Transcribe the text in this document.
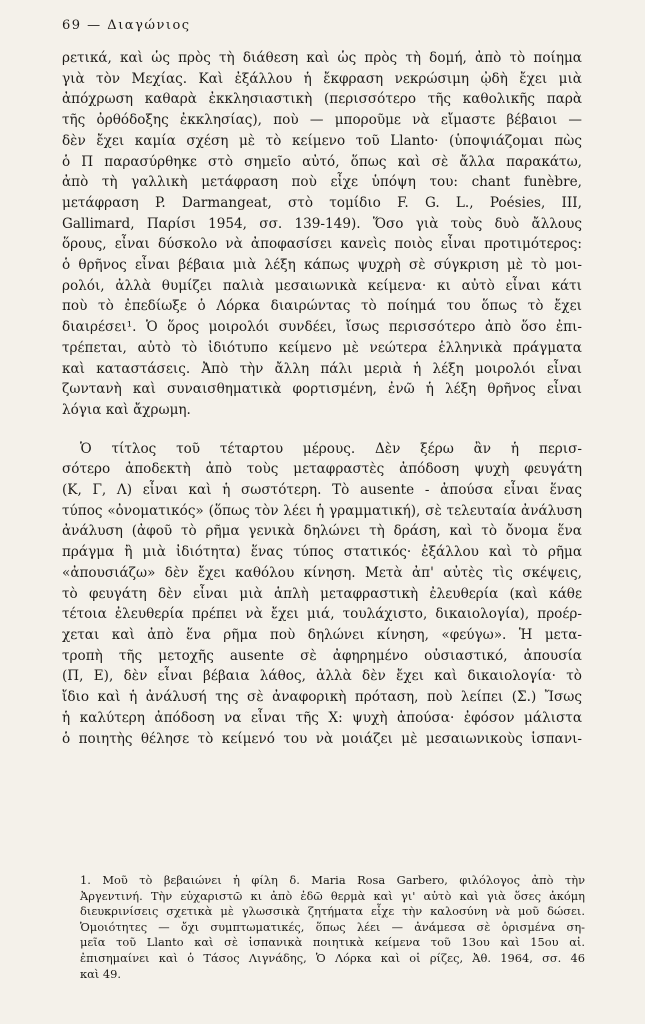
69 — Διαγώνιος
ρετικά, καὶ ὡς πρὸς τὴ διάθεση καὶ ὡς πρὸς τὴ δομή, ἀπὸ τὸ ποίημα
γιὰ τὸν Μεχίας. Καὶ ἐξάλλου ἡ ἔκφραση νεκρώσιμη ᾠδὴ ἔχει μιὰ
ἀπόχρωση καθαρὰ ἐκκλησιαστικὴ (περισσότερο τῆς καθολικῆς παρὰ
τῆς ὀρθόδοξης ἐκκλησίας), ποὺ — μποροῦμε νὰ εἴμαστε βέβαιοι —
δὲν ἔχει καμία σχέση μὲ τὸ κείμενο τοῦ Llanto· (ὑποψιάζομαι πὼς
ὁ Π παρασύρθηκε στὸ σημεῖο αὐτό, ὅπως καὶ σὲ ἄλλα παρακάτω,
ἀπὸ τὴ γαλλικὴ μετάφραση ποὺ εἶχε ὑπόψη του: chant funèbre,
μετάφραση P. Darmangeat, στὸ τομίδιο F. G. L., Poésies, III,
Gallimard, Παρίσι 1954, σσ. 139-149). Ὅσο γιὰ τοὺς δυὸ ἄλλους
ὅρους, εἶναι δύσκολο νὰ ἀποφασίσει κανεὶς ποιὸς εἶναι προτιμότερος:
ὁ θρῆνος εἶναι βέβαια μιὰ λέξη κάπως ψυχρὴ σὲ σύγκριση μὲ τὸ μοι-
ρολόι, ἀλλὰ θυμίζει παλιὰ μεσαιωνικὰ κείμενα· κι αὐτὸ εἶναι κάτι
ποὺ τὸ ἐπεδίωξε ὁ Λόρκα διαιρώντας τὸ ποίημά του ὅπως τὸ ἔχει
διαιρέσει¹. Ὁ ὅρος μοιρολόι συνδέει, ἴσως περισσότερο ἀπὸ ὅσο ἐπι-
τρέπεται, αὐτὸ τὸ ἰδιότυπο κείμενο μὲ νεώτερα ἑλληνικὰ πράγματα
καὶ καταστάσεις. Ἀπὸ τὴν ἄλλη πάλι μεριὰ ἡ λέξη μοιρολόι εἶναι
ζωντανὴ καὶ συναισθηματικὰ φορτισμένη, ἐνῶ ἡ λέξη θρῆνος εἶναι
λόγια καὶ ἄχρωμη.
Ὁ τίτλος τοῦ τέταρτου μέρους. Δὲν ξέρω ἂν ἡ περισ-
σότερο ἀποδεκτὴ ἀπὸ τοὺς μεταφραστὲς ἀπόδοση ψυχὴ φευγάτη
(Κ, Γ, Λ) εἶναι καὶ ἡ σωστότερη. Τὸ ausente - ἀπούσα εἶναι ἕνας
τύπος «ὀνοματικός» (ὅπως τὸν λέει ἡ γραμματική), σὲ τελευταία ἀνάλυση
ἀνάλυση (ἀφοῦ τὸ ρῆμα γενικὰ δηλώνει τὴ δράση, καὶ τὸ ὄνομα ἕνα
πράγμα ἢ μιὰ ἰδιότητα) ἕνας τύπος στατικός· ἐξάλλου καὶ τὸ ρῆμα
«ἀπουσιάζω» δὲν ἔχει καθόλου κίνηση. Μετὰ ἀπ' αὐτὲς τὶς σκέψεις,
τὸ φευγάτη δὲν εἶναι μιὰ ἁπλὴ μεταφραστικὴ ἐλευθερία (καὶ κάθε
τέτοια ἐλευθερία πρέπει νὰ ἔχει μιά, τουλάχιστο, δικαιολογία), προέρ-
χεται καὶ ἀπὸ ἕνα ρῆμα ποὺ δηλώνει κίνηση, «φεύγω». Ἡ μετα-
τροπὴ τῆς μετοχῆς ausente σὲ ἀφηρημένο οὐσιαστικό, ἀπουσία
(Π, Ε), δὲν εἶναι βέβαια λάθος, ἀλλὰ δὲν ἔχει καὶ δικαιολογία· τὸ
ἴδιο καὶ ἡ ἀνάλυσή της σὲ ἀναφορικὴ πρόταση, ποὺ λείπει (Σ.) Ἴσως
ἡ καλύτερη ἀπόδοση να εἶναι τῆς Χ: ψυχὴ ἀπούσα· ἐφόσον μάλιστα
ὁ ποιητὴς θέλησε τὸ κείμενό του νὰ μοιάζει μὲ μεσαιωνικοὺς ἱσπανι-
1. Μοῦ τὸ βεβαιώνει ἡ φίλη δ. Maria Rosa Garbero, φιλόλογος ἀπὸ τὴν
Ἀργεντινή. Τὴν εὐχαριστῶ κι ἀπὸ ἐδῶ θερμὰ καὶ γι' αὐτὸ καὶ γιὰ ὅσες ἀκόμη
διευκρινίσεις σχετικὰ μὲ γλωσσικὰ ζητήματα εἶχε τὴν καλοσύνη νὰ μοῦ δώσει.
Ὁμοιότητες — ὄχι συμπτωματικές, ὅπως λέει — ἀνάμεσα σὲ ὁρισμένα ση-
μεῖα τοῦ Llanto καὶ σὲ ἱσπανικὰ ποιητικὰ κείμενα τοῦ 13ου καὶ 15ου αἰ.
ἐπισημαίνει καὶ ὁ Τάσος Λιγνάδης, Ὁ Λόρκα καὶ οἱ ρίζες, Ἀθ. 1964, σσ. 46
καὶ 49.
